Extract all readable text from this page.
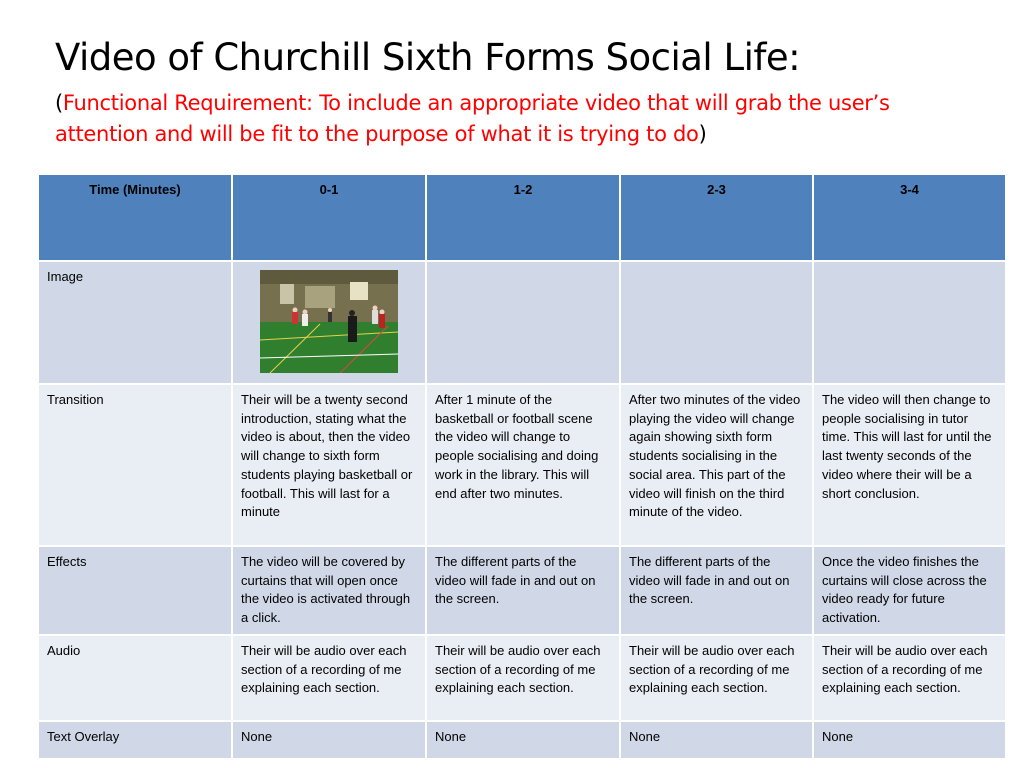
Video of Churchill Sixth Forms Social Life:
(Functional Requirement: To include an appropriate video that will grab the user’s attention and will be fit to the purpose of what it is trying to do)
Time (Minutes)	0-1	1-2	2-3	3-4
Image	

Transition	Their will be a twenty second introduction, stating what the video is about, then the video will change to sixth form students playing basketball or football. This will last for a minute	After 1 minute of the basketball or football scene the video will change to people socialising and doing work in the library. This will end after two minutes.	After two minutes of the video playing the video will change again showing sixth form students socialising in the social area. This part of the video will finish on the third minute of the video.	The video will then change to people socialising in tutor time. This will last for until the last twenty seconds of the video where their will be a short conclusion.
Effects	The video will be covered by curtains that will open once the video is activated through a click.	The different parts of the video will fade in and out on the screen.	The different parts of the video will fade in and out on the screen.	Once the video finishes the curtains will close across the video ready for future activation.
Audio	Their will be audio over each section of a recording of me explaining each section.	Their will be audio over each section of a recording of me explaining each section.	Their will be audio over each section of a recording of me explaining each section.	Their will be audio over each section of a recording of me explaining each section.
Text Overlay	None	None	None	None
